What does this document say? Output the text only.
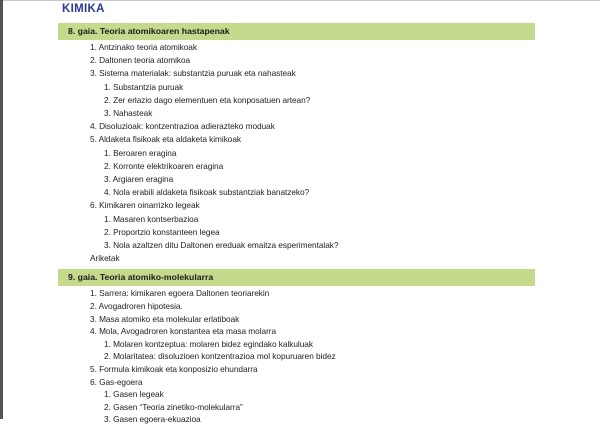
KIMIKA
8. gaia. Teoria atomikoaren hastapenak
1. Antzinako teoria atomikoak
2. Daltonen teoria atomikoa
3. Sistema materialak: substantzia puruak eta nahasteak
1. Substantzia puruak
2. Zer erlazio dago elementuen eta konposatuen artean?
3. Nahasteak
4. Disoluzioak: kontzentrazioa adierazteko moduak
5. Aldaketa fisikoak eta aldaketa kimikoak
1. Beroaren eragina
2. Korronte elektrikoaren eragina
3. Argiaren eragina
4. Nola erabili aldaketa fisikoak substantziak banatzeko?
6. Kimikaren oinarrizko legeak
1. Masaren kontserbazioa
2. Proportzio konstanteen legea
3. Nola azaltzen ditu Daltonen ereduak emaitza esperimentalak?
Ariketak
9. gaia. Teoria atomiko-molekularra
1. Sarrera: kimikaren egoera Daltonen teoriarekin
2. Avogadroren hipotesia.
3. Masa atomiko eta molekular erlatiboak
4. Mola, Avogadroren konstantea eta masa molarra
1. Molaren kontzeptua: molaren bidez egindako kalkuluak
2. Molaritatea: disoluzioen kontzentrazioa mol kopuruaren bidez
5. Formula kimikoak eta konposizio ehundarra
6. Gas-egoera
1. Gasen legeak
2. Gasen “Teoria zinetiko-molekularra”
3. Gasen egoera-ekuazioa
